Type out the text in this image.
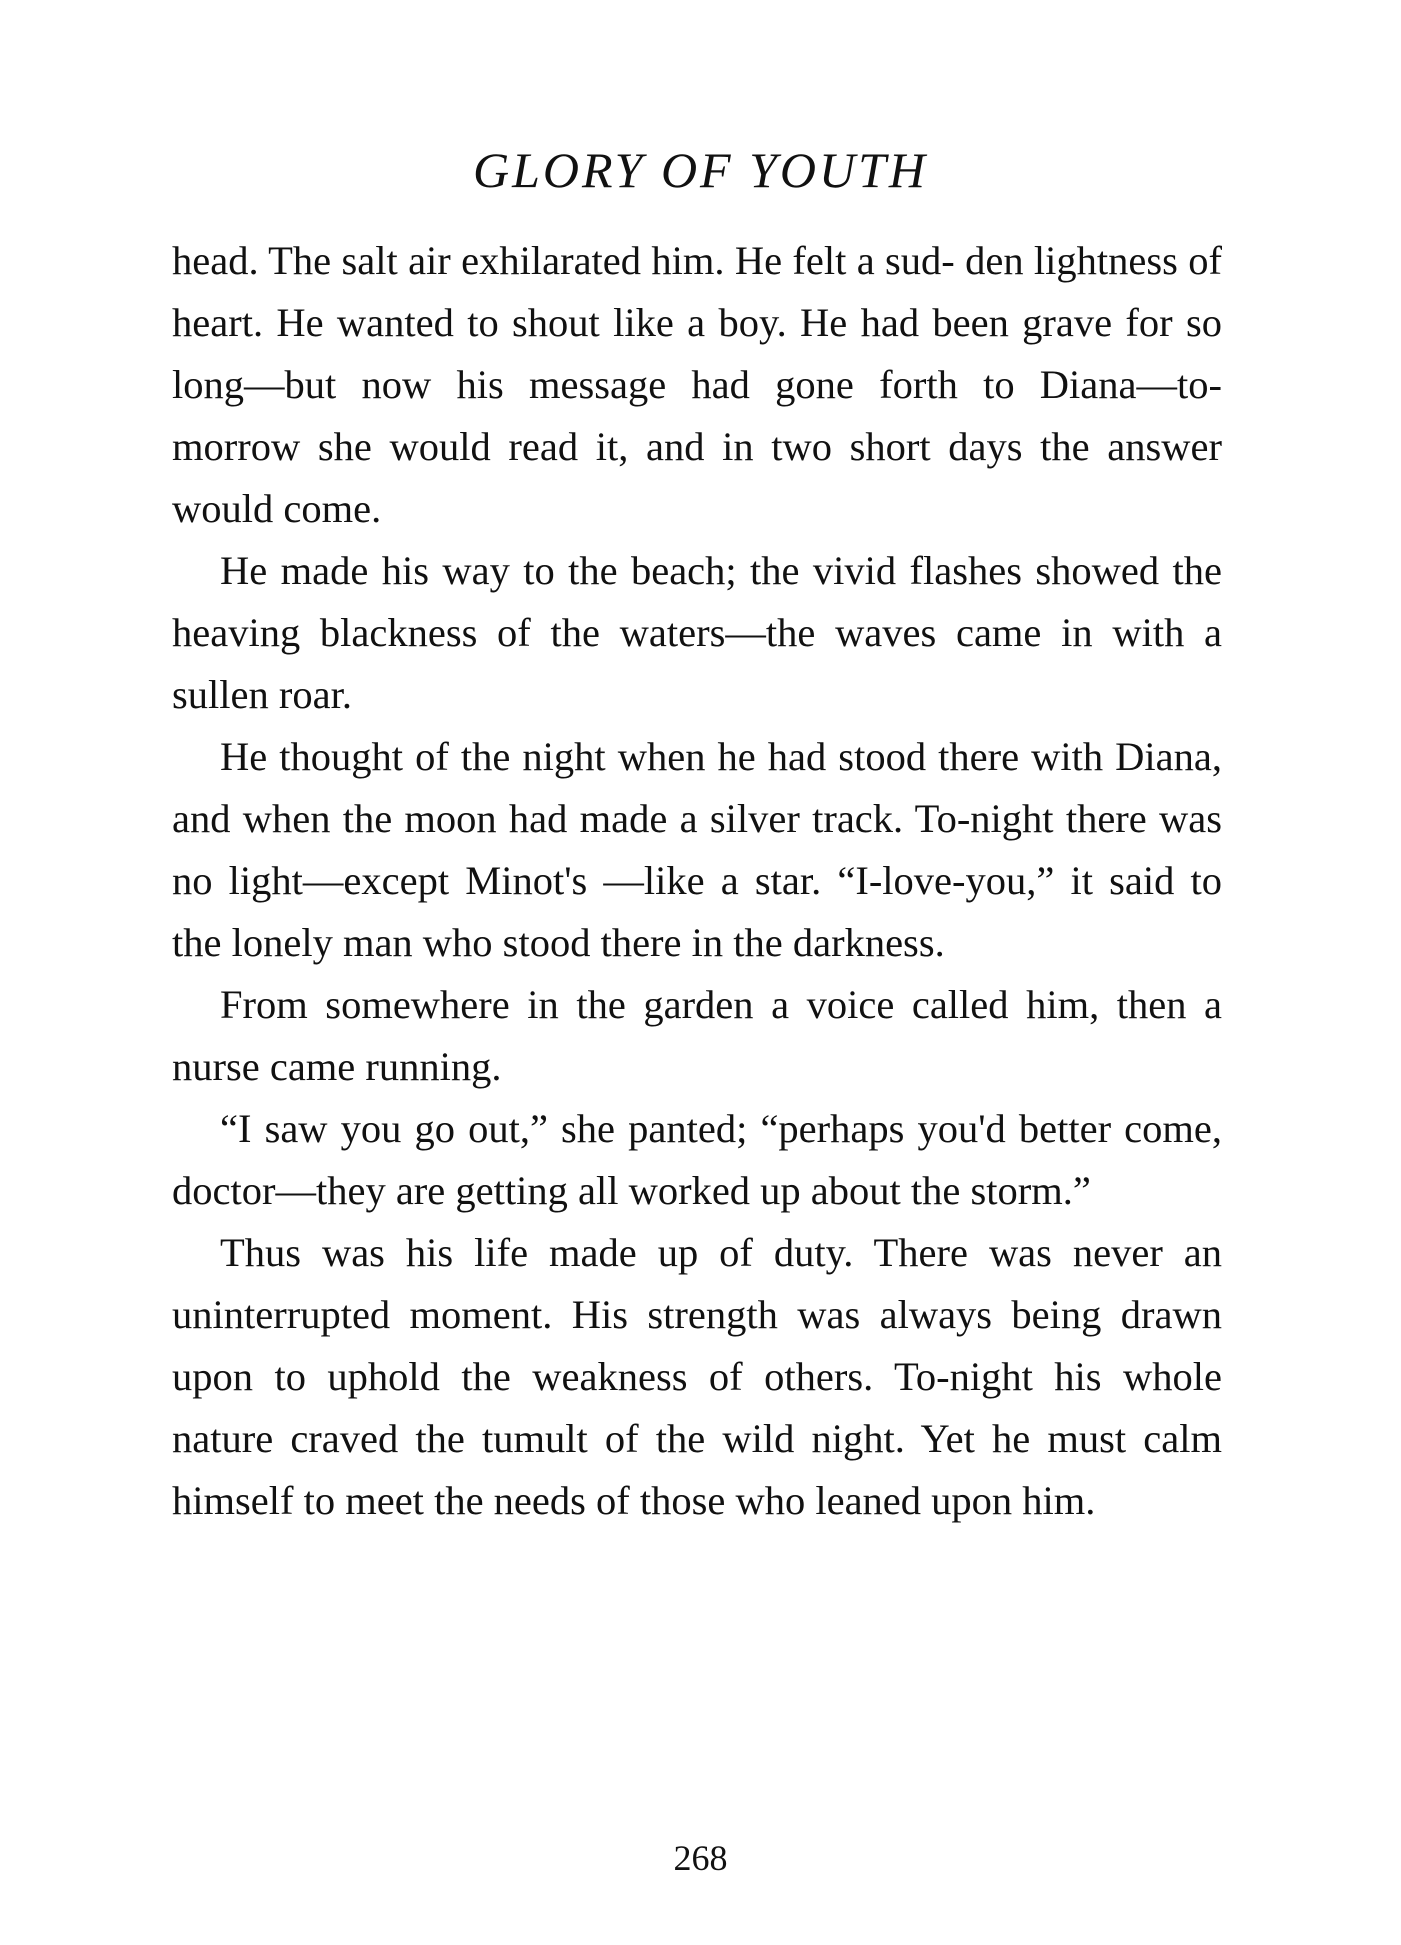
GLORY OF YOUTH

head. The salt air exhilarated him. He felt a sud- den lightness of heart. He wanted to shout like a boy. He had been grave for so long—but now his message had gone forth to Diana—to-morrow she would read it, and in two short days the answer would come.

He made his way to the beach; the vivid flashes showed the heaving blackness of the waters—the waves came in with a sullen roar.

He thought of the night when he had stood there with Diana, and when the moon had made a silver track. To-night there was no light—except Minot's —like a star. “I-love-you,” it said to the lonely man who stood there in the darkness.

From somewhere in the garden a voice called him, then a nurse came running.

“I saw you go out,” she panted; “perhaps you'd better come, doctor—they are getting all worked up about the storm.”

Thus was his life made up of duty. There was never an uninterrupted moment. His strength was always being drawn upon to uphold the weakness of others. To-night his whole nature craved the tumult of the wild night. Yet he must calm himself to meet the needs of those who leaned upon him.

268
